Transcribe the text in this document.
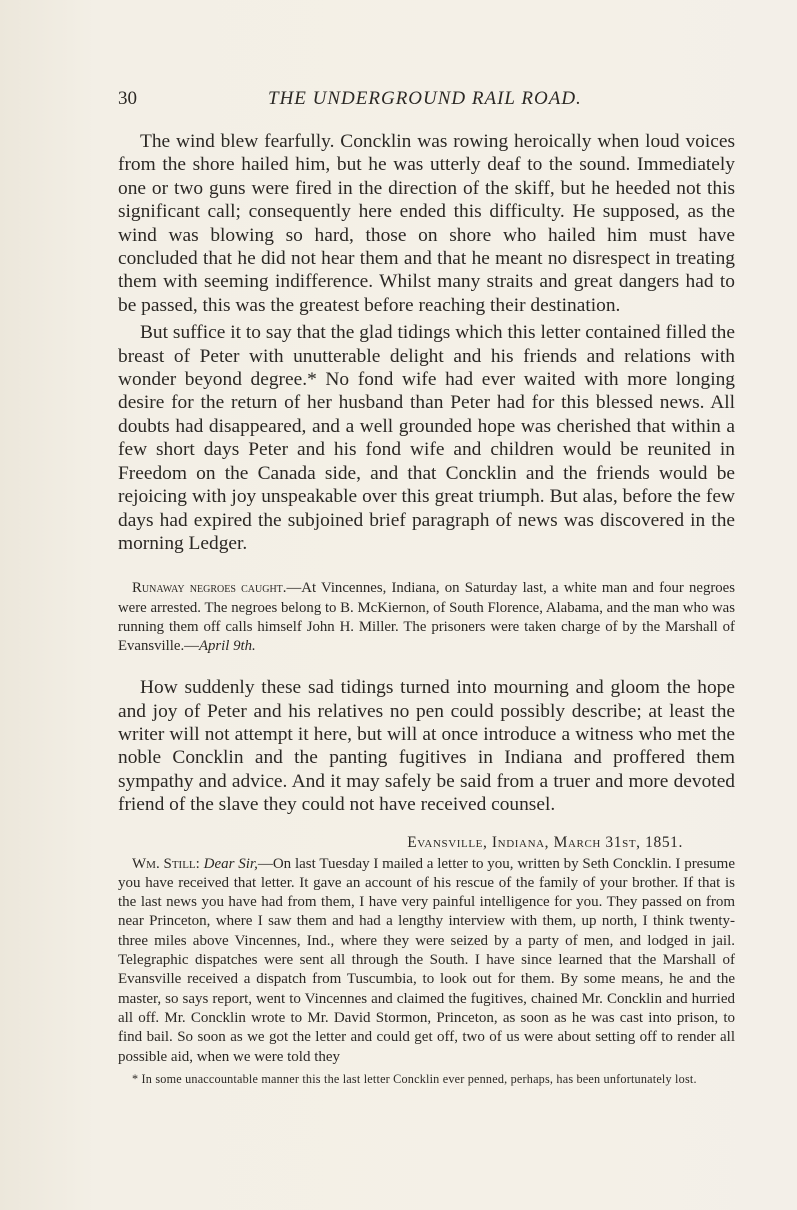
30	THE UNDERGROUND RAIL ROAD.

The wind blew fearfully. Concklin was rowing heroically when loud voices from the shore hailed him, but he was utterly deaf to the sound. Immediately one or two guns were fired in the direction of the skiff, but he heeded not this significant call; consequently here ended this difficulty. He supposed, as the wind was blowing so hard, those on shore who hailed him must have concluded that he did not hear them and that he meant no disrespect in treating them with seeming indifference. Whilst many straits and great dangers had to be passed, this was the greatest before reaching their destination.

But suffice it to say that the glad tidings which this letter contained filled the breast of Peter with unutterable delight and his friends and relations with wonder beyond degree.* No fond wife had ever waited with more longing desire for the return of her husband than Peter had for this blessed news. All doubts had disappeared, and a well grounded hope was cherished that within a few short days Peter and his fond wife and children would be reunited in Freedom on the Canada side, and that Concklin and the friends would be rejoicing with joy unspeakable over this great triumph. But alas, before the few days had expired the subjoined brief paragraph of news was discovered in the morning Ledger.

Runaway negroes caught.—At Vincennes, Indiana, on Saturday last, a white man and four negroes were arrested. The negroes belong to B. McKiernon, of South Florence, Alabama, and the man who was running them off calls himself John H. Miller. The prisoners were taken charge of by the Marshall of Evansville.—April 9th.

How suddenly these sad tidings turned into mourning and gloom the hope and joy of Peter and his relatives no pen could possibly describe; at least the writer will not attempt it here, but will at once introduce a witness who met the noble Concklin and the panting fugitives in Indiana and proffered them sympathy and advice. And it may safely be said from a truer and more devoted friend of the slave they could not have received counsel.

Evansville, Indiana, March 31st, 1851.

Wm. Still: Dear Sir,—On last Tuesday I mailed a letter to you, written by Seth Concklin. I presume you have received that letter. It gave an account of his rescue of the family of your brother. If that is the last news you have had from them, I have very painful intelligence for you. They passed on from near Princeton, where I saw them and had a lengthy interview with them, up north, I think twenty-three miles above Vincennes, Ind., where they were seized by a party of men, and lodged in jail. Telegraphic dispatches were sent all through the South. I have since learned that the Marshall of Evansville received a dispatch from Tuscumbia, to look out for them. By some means, he and the master, so says report, went to Vincennes and claimed the fugitives, chained Mr. Concklin and hurried all off. Mr. Concklin wrote to Mr. David Stormon, Princeton, as soon as he was cast into prison, to find bail. So soon as we got the letter and could get off, two of us were about setting off to render all possible aid, when we were told they

* In some unaccountable manner this the last letter Concklin ever penned, perhaps, has been unfortunately lost.
